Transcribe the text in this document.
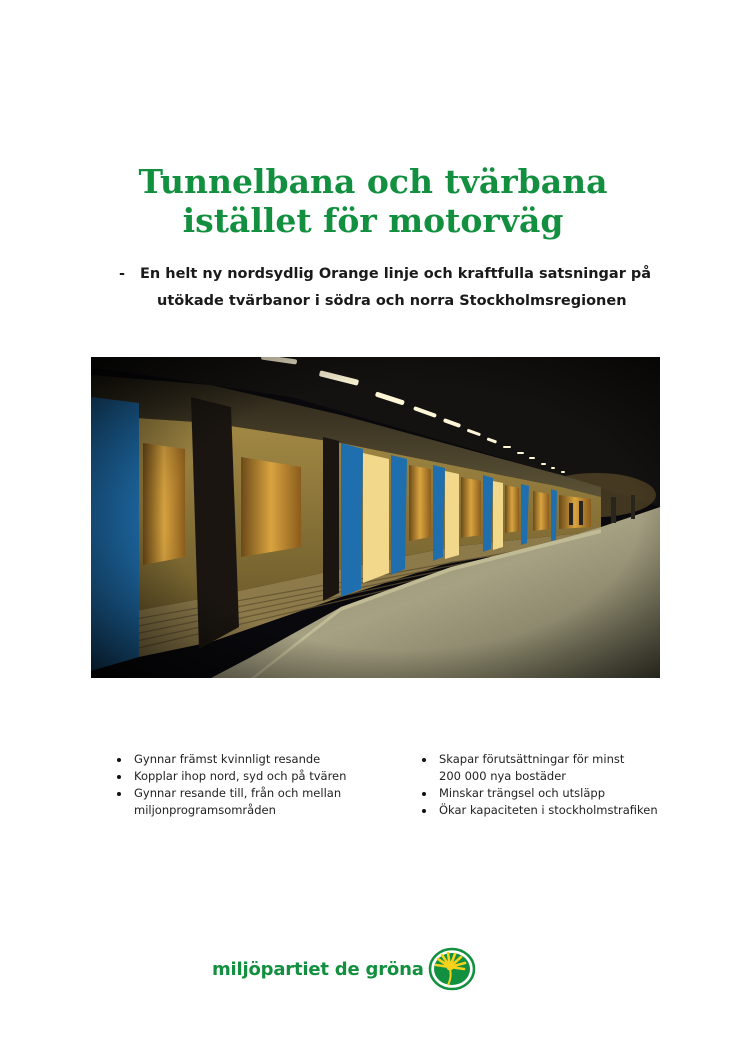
Tunnelbana och tvärbana
istället för motorväg
-	En helt ny nordsydlig Orange linje och kraftfulla satsningar på
utökade tvärbanor i södra och norra Stockholmsregionen
Gynnar främst kvinnligt resande
Kopplar ihop nord, syd och på tvären
Gynnar resande till, från och mellan
miljonprogramsområden
Skapar förutsättningar för minst
200 000 nya bostäder
Minskar trängsel och utsläpp
Ökar kapaciteten i stockholmstrafiken
miljöpartiet de gröna
